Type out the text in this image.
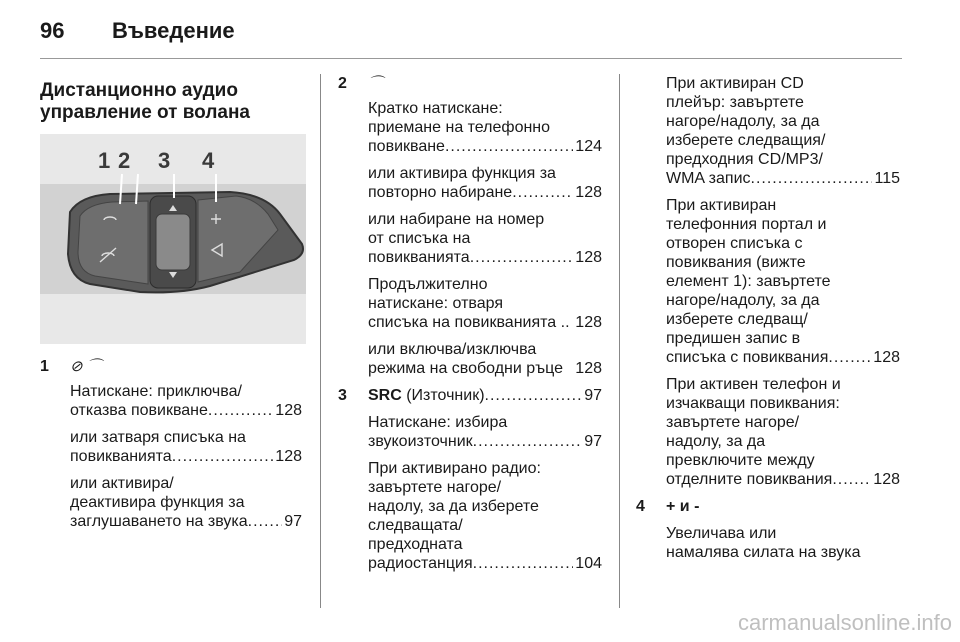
96 Въведение
Дистанционно аудио
управление от волана
1 2 3 4
1 ⊘ ⌒
Натискане: приключва/
отказва повикване .....	128
или затваря списъка на
повикванията .....	128
или активира/
деактивира функция за
заглушаването на звука ..... 97
2 ⌒
Кратко натискане:
приемане на телефонно
повикване .....	124
или активира функция за
повторно набиране .....	128
или набиране на номер
от списъка на
повикванията .....	128
Продължително
натискане: отваря
списъка на повикванията .. 128
или включва/изключва
режима на свободни ръце 128
3 SRC (Източник) .....	97
Натискане: избира
звукоизточник .....	97
При активирано радио:
завъртете нагоре/
надолу, за да изберете
следващата/
предходната
радиостанция .....	104
При активиран CD
плейър: завъртете
нагоре/надолу, за да
изберете следващия/
предходния CD/MP3/
WMA запис .....	115
При активиран
телефонния портал и
отворен списъка с
повиквания (вижте
елемент 1): завъртете
нагоре/надолу, за да
изберете следващ/
предишен запис в
списъка с повиквания .....	128
При активен телефон и
изчакващи повиквания:
завъртете нагоре/
надолу, за да
превключите между
отделните повиквания .....	128
4 + и -
Увеличава или
намалява силата на звука
carmanualsonline.info
